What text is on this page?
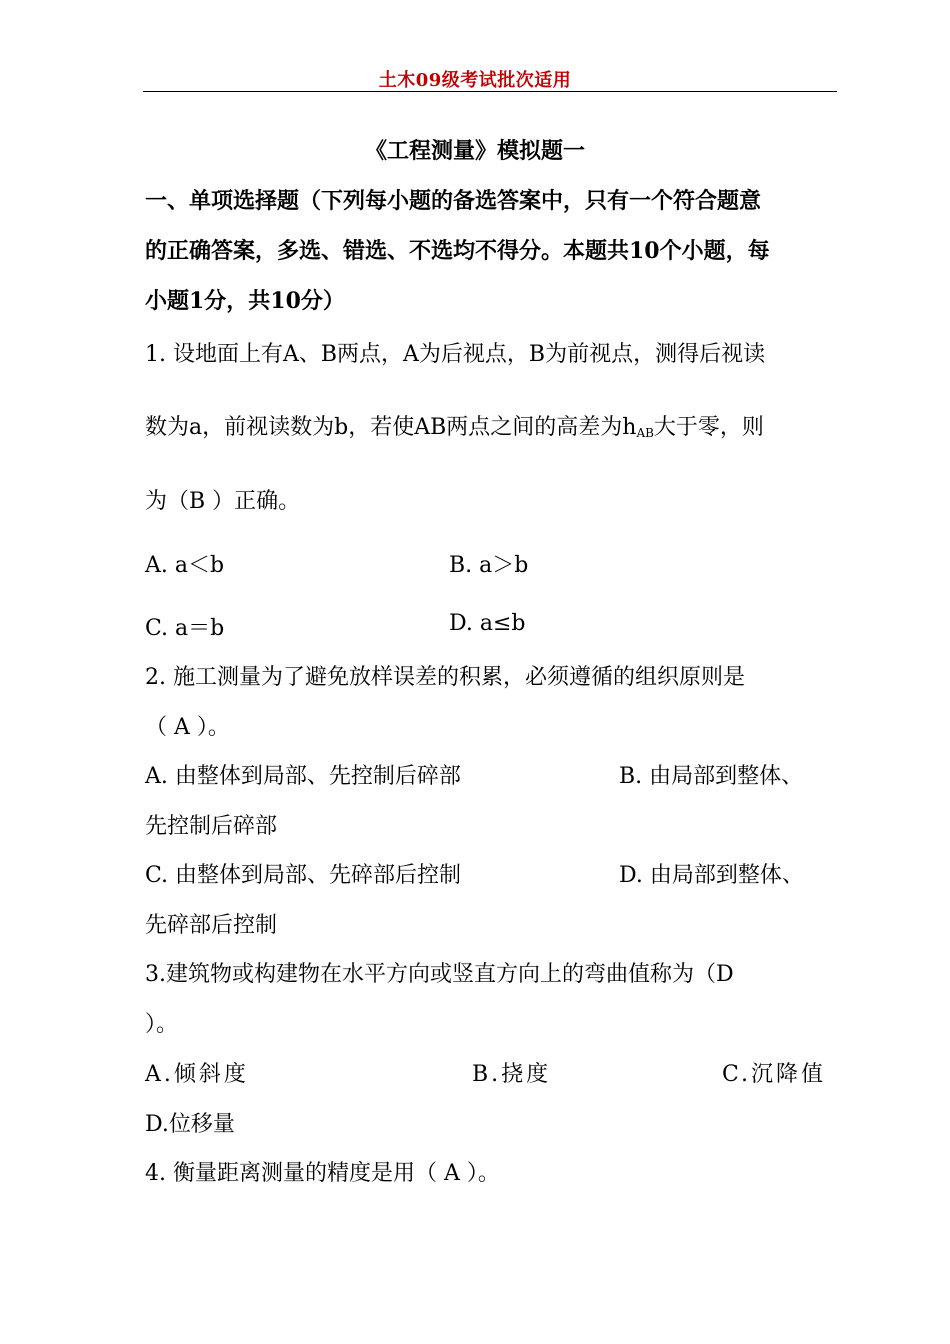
土木09级考试批次适用
《工程测量》模拟题一
一、单项选择题（下列每小题的备选答案中，只有一个符合题意
的正确答案，多选、错选、不选均不得分。本题共10个小题，每
小题1分，共10分）
1. 设地面上有A、B两点，A为后视点，B为前视点，测得后视读
数为a，前视读数为b，若使AB两点之间的高差为$h_{AB}$大于零，则
为（B ）正确。
A. a＜b	B. a＞b
C. a＝b	D. a≤b
2. 施工测量为了避免放样误差的积累，必须遵循的组织原则是
（ A ）。
A. 由整体到局部、先控制后碎部	B. 由局部到整体、
先控制后碎部
C. 由整体到局部、先碎部后控制	D. 由局部到整体、
先碎部后控制
3.建筑物或构建物在水平方向或竖直方向上的弯曲值称为（D
）。
A.倾斜度	B.挠度	C.沉降值
D.位移量
4. 衡量距离测量的精度是用（ A ）。
